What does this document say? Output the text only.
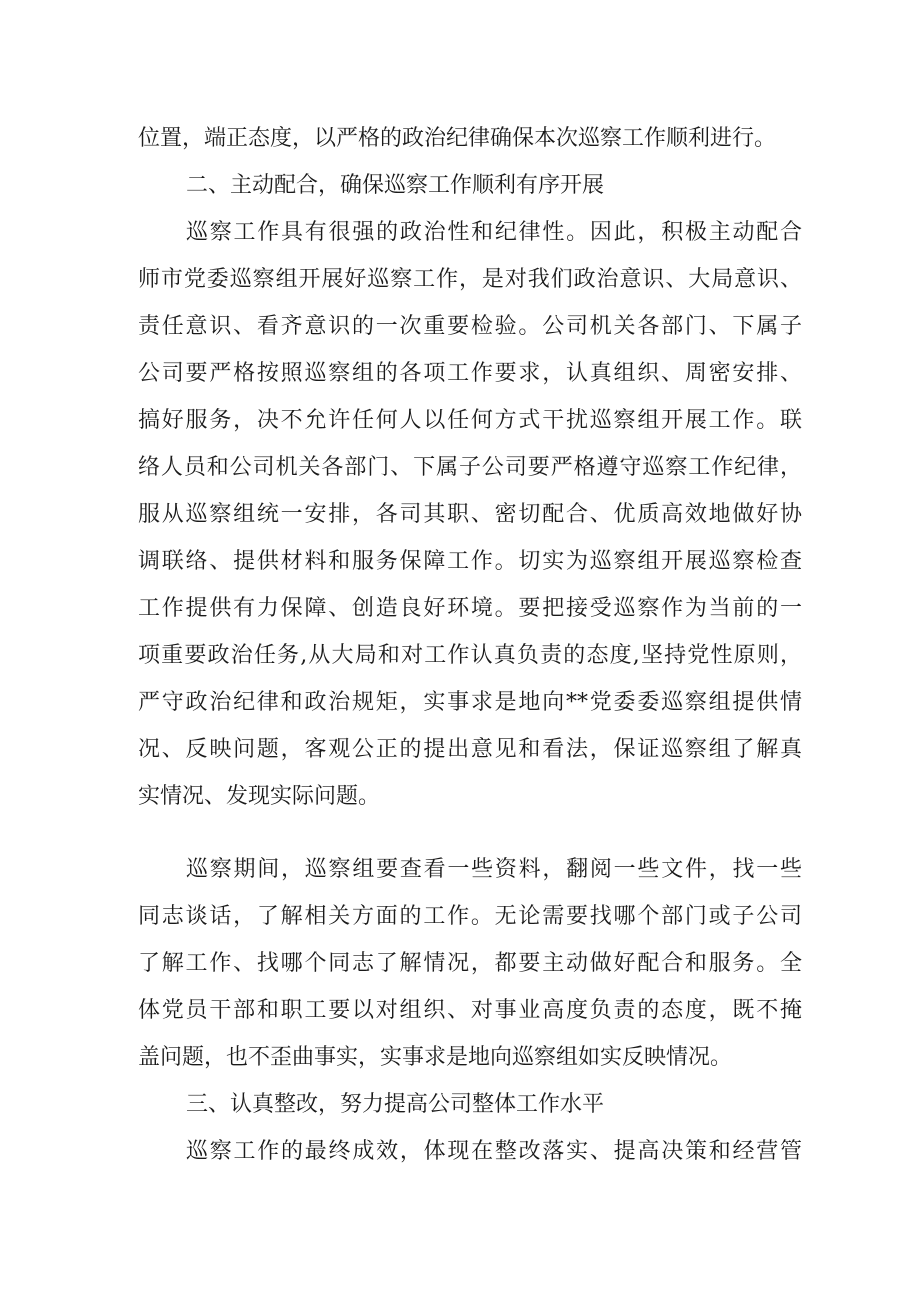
位置，端正态度，以严格的政治纪律确保本次巡察工作顺利进行。
二、主动配合，确保巡察工作顺利有序开展
巡察工作具有很强的政治性和纪律性。因此，积极主动配合
师市党委巡察组开展好巡察工作，是对我们政治意识、大局意识、
责任意识、看齐意识的一次重要检验。公司机关各部门、下属子
公司要严格按照巡察组的各项工作要求，认真组织、周密安排、
搞好服务，决不允许任何人以任何方式干扰巡察组开展工作。联
络人员和公司机关各部门、下属子公司要严格遵守巡察工作纪律，
服从巡察组统一安排，各司其职、密切配合、优质高效地做好协
调联络、提供材料和服务保障工作。切实为巡察组开展巡察检查
工作提供有力保障、创造良好环境。要把接受巡察作为当前的一
项重要政治任务,从大局和对工作认真负责的态度,坚持党性原则，
严守政治纪律和政治规矩，实事求是地向**党委委巡察组提供情
况、反映问题，客观公正的提出意见和看法，保证巡察组了解真
实情况、发现实际问题。
巡察期间，巡察组要查看一些资料，翻阅一些文件，找一些
同志谈话，了解相关方面的工作。无论需要找哪个部门或子公司
了解工作、找哪个同志了解情况，都要主动做好配合和服务。全
体党员干部和职工要以对组织、对事业高度负责的态度，既不掩
盖问题，也不歪曲事实，实事求是地向巡察组如实反映情况。
三、认真整改，努力提高公司整体工作水平
巡察工作的最终成效，体现在整改落实、提高决策和经营管
